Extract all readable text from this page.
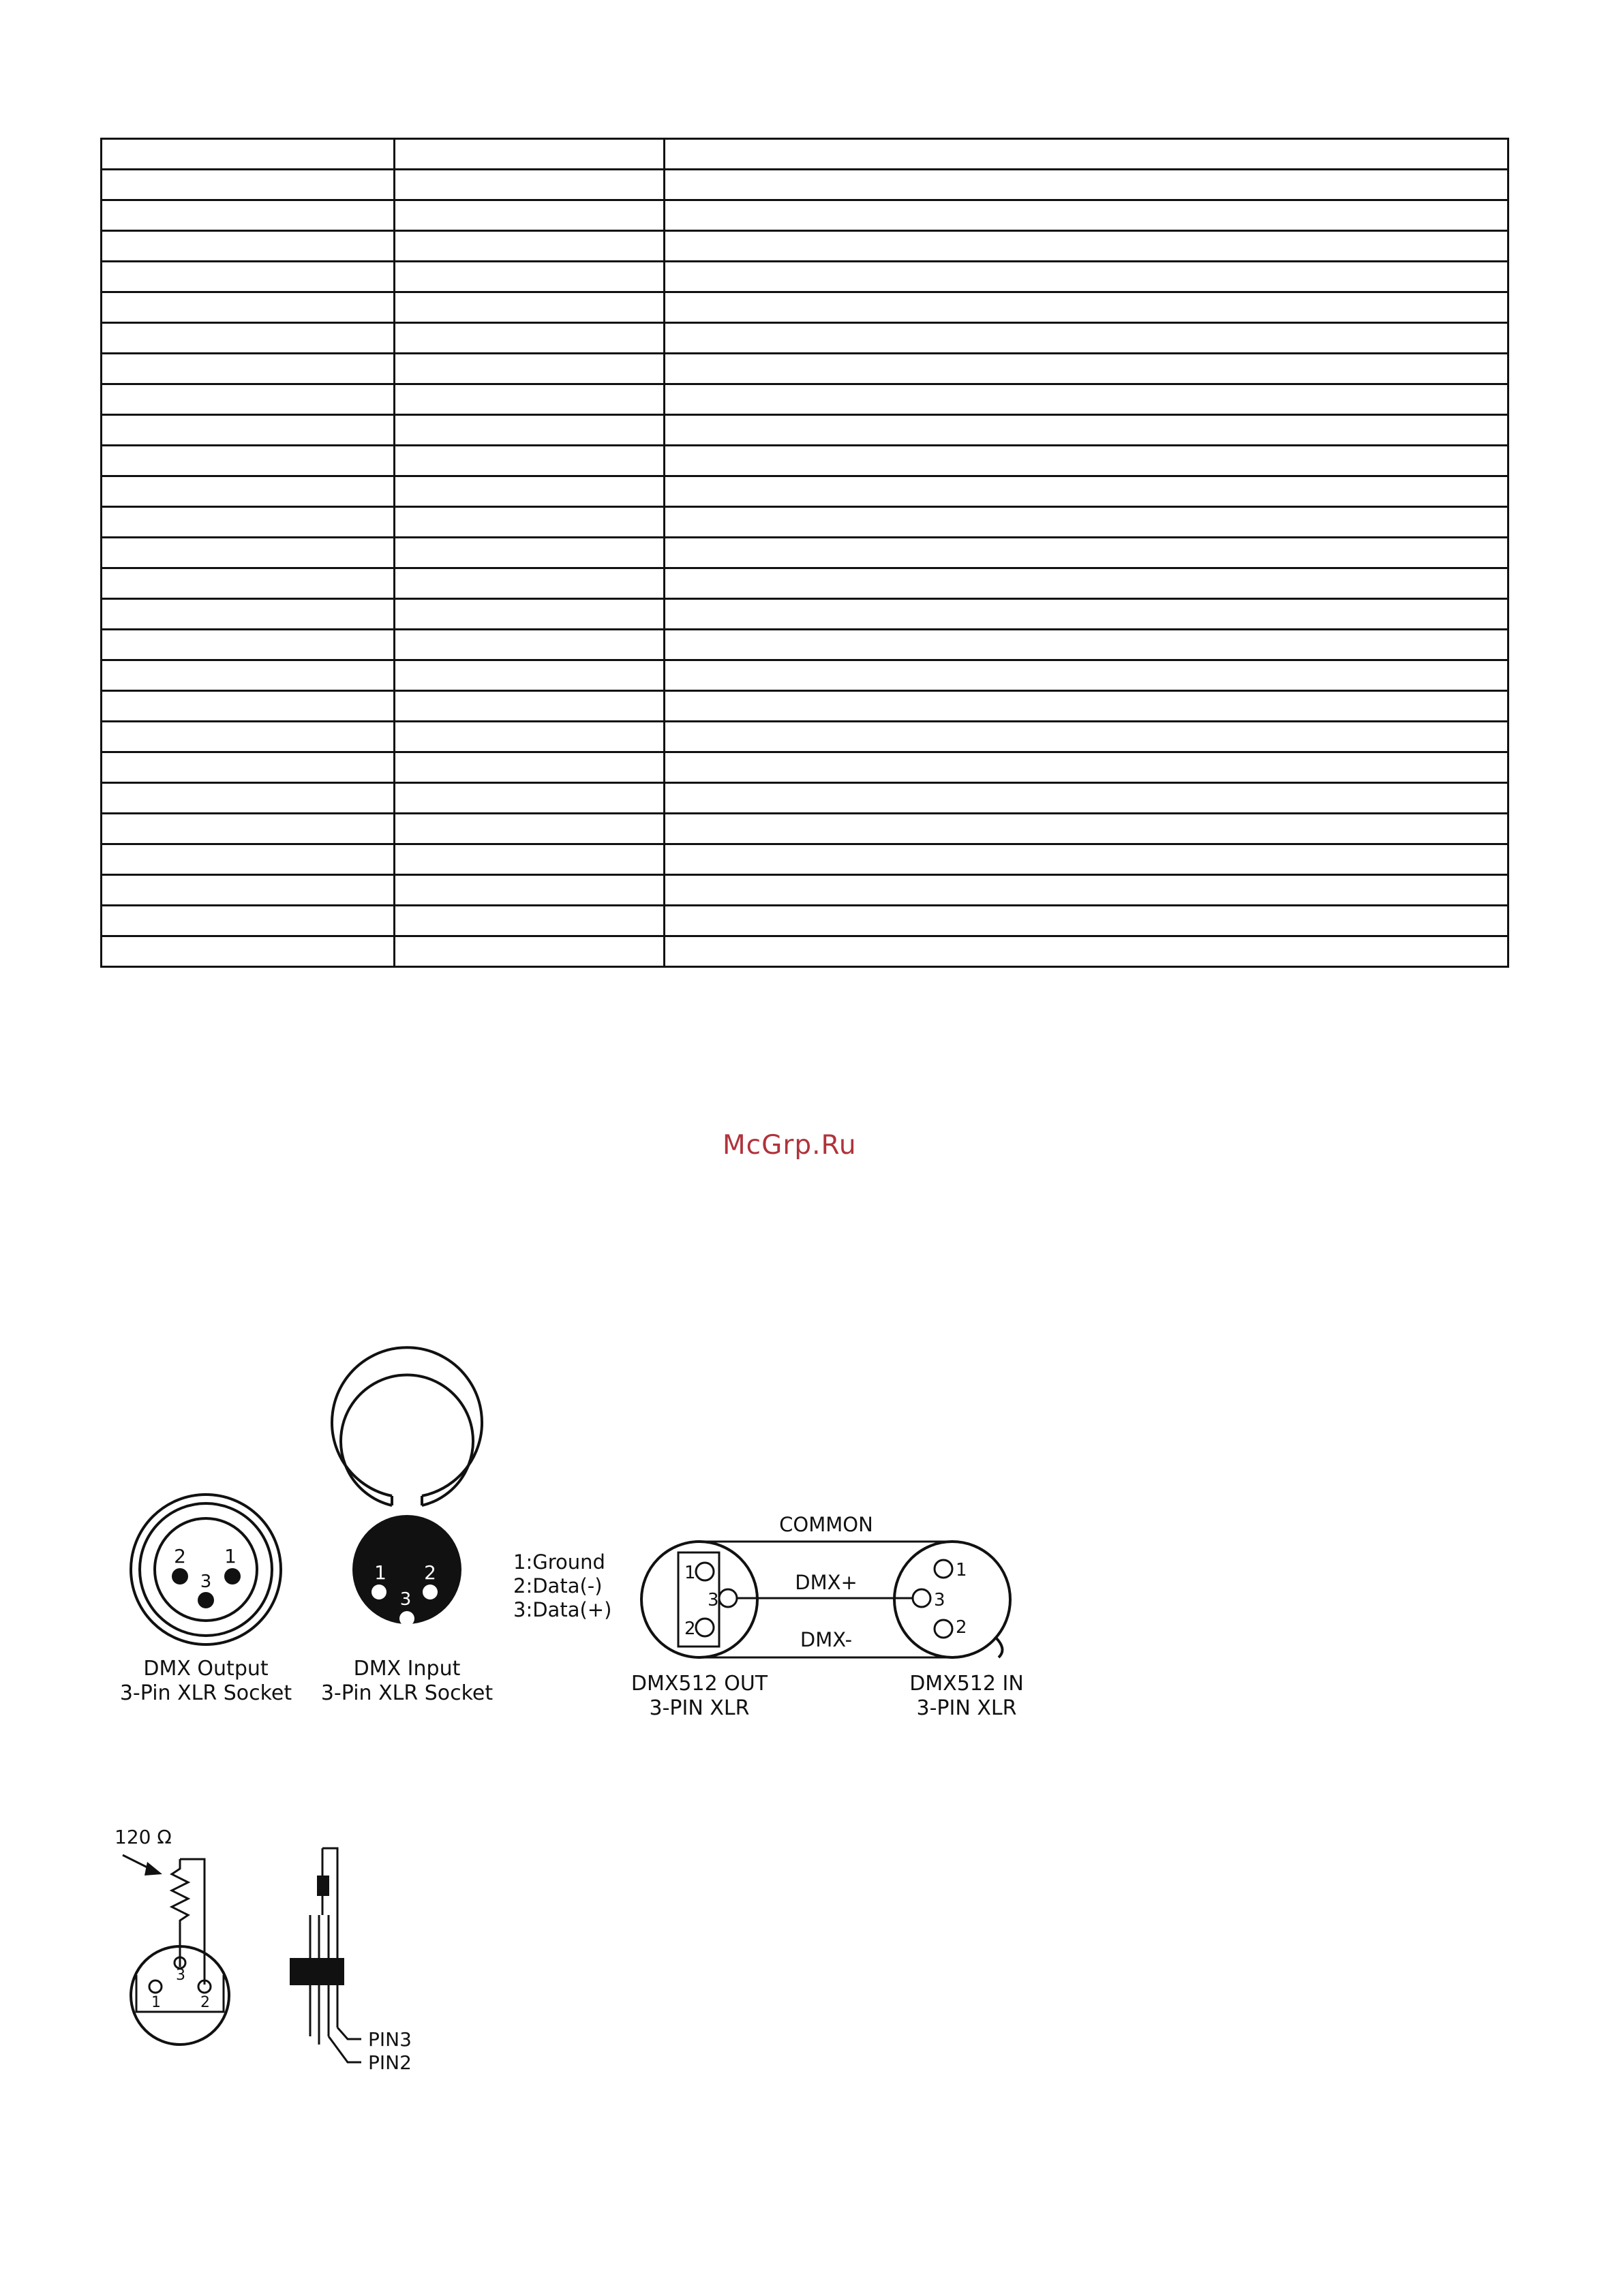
McGrp.Ru
2 1
3
DMX Output
3-Pin XLR Socket
1 2
3
DMX Input
3-Pin XLR Socket
1:Ground
2:Data(-)
3:Data(+)
1
3
2
1
3
2
COMMON
DMX+
DMX-
DMX512 OUT
3-PIN XLR
DMX512 IN
3-PIN XLR
120 Ω
3
1	2
PIN3
PIN2
